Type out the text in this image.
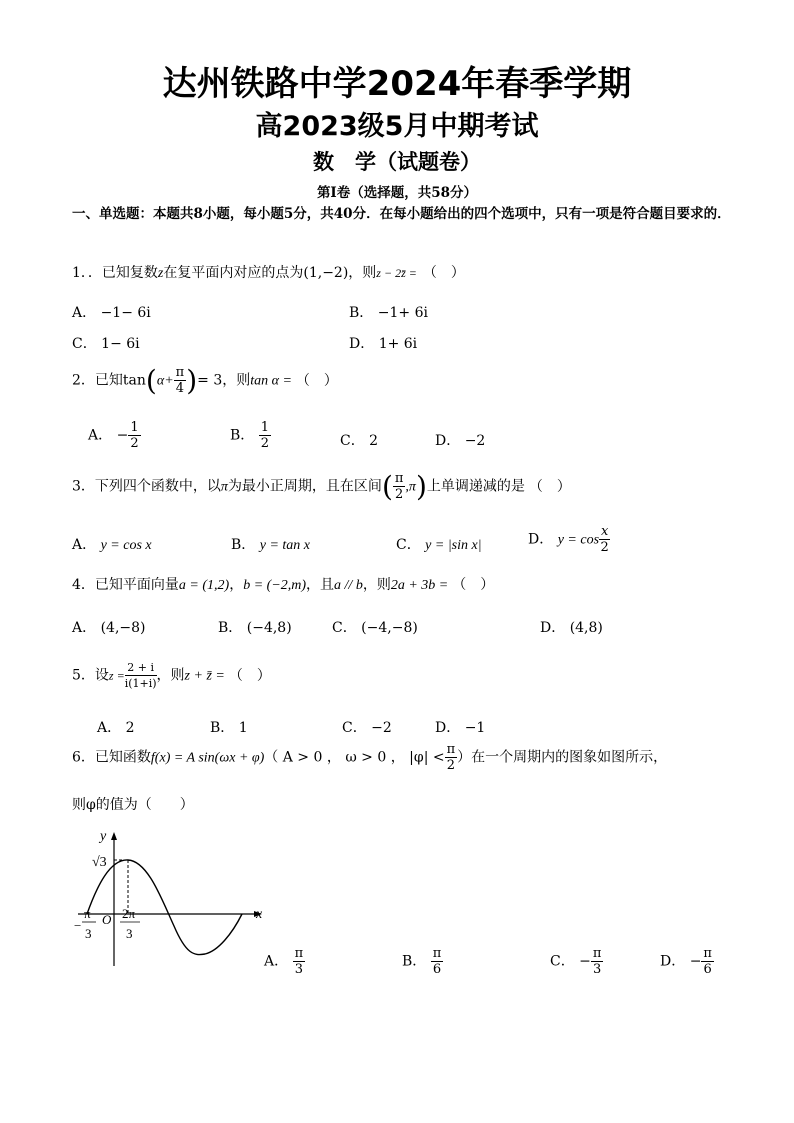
达州铁路中学2024年春季学期
高2023级5月中期考试
数　学（试题卷）
第Ⅰ卷（选择题，共58分）
一、单选题：本题共8小题，每小题5分，共40分．在每小题给出的四个选项中，只有一项是符合题目要求的．
1．．已知复数z在复平面内对应的点为(1,−2)，则z − 2z̄ = （　）
A． −1− 6i	B． −1+ 6i
C． 1− 6i	D． 1+ 6i
2．已知$\tan(\alpha+ \frac{\pi}{4}$ )= 3，则tan α = （　）
A． − $\frac{1}{2}$	B． $\frac{1}{2}$	C． 2	D． −2
3．下列四个函数中，以π为最小正周期，且在区间( $\frac{\pi}{2} ,\pi$)上单调递减的是 （　）
A． y = cos x	B． y = tan x	C． y = |sin x|	D． $y = \cos \frac{x}{2}$
4．已知平面向量a = (1,2)，b = (−2,m)，且a // b，则2a + 3b = （　）
A． (4,−8)	B． (−4,8)	C． (−4,−8)	D． (4,8)
5．设$z = \frac{2 + i}{i(1+i)}$ ，则z + z̄ = （　）
A． 2	B． 1	C． −2	D． −1
6．已知函数f(x) = A sin(ωx + φ)（ A > 0 ， ω > 0 ， $|\varphi| < \frac{\pi}{2}$ ）在一个周期内的图象如图所示，
则φ的值为（　　）
y
x
O
√3
−
π
3
2π
3
A． $\frac{\pi}{3}$	B． $\frac{\pi}{6}$	C． − $\frac{\pi}{3}$	D． − $\frac{\pi}{6}$
